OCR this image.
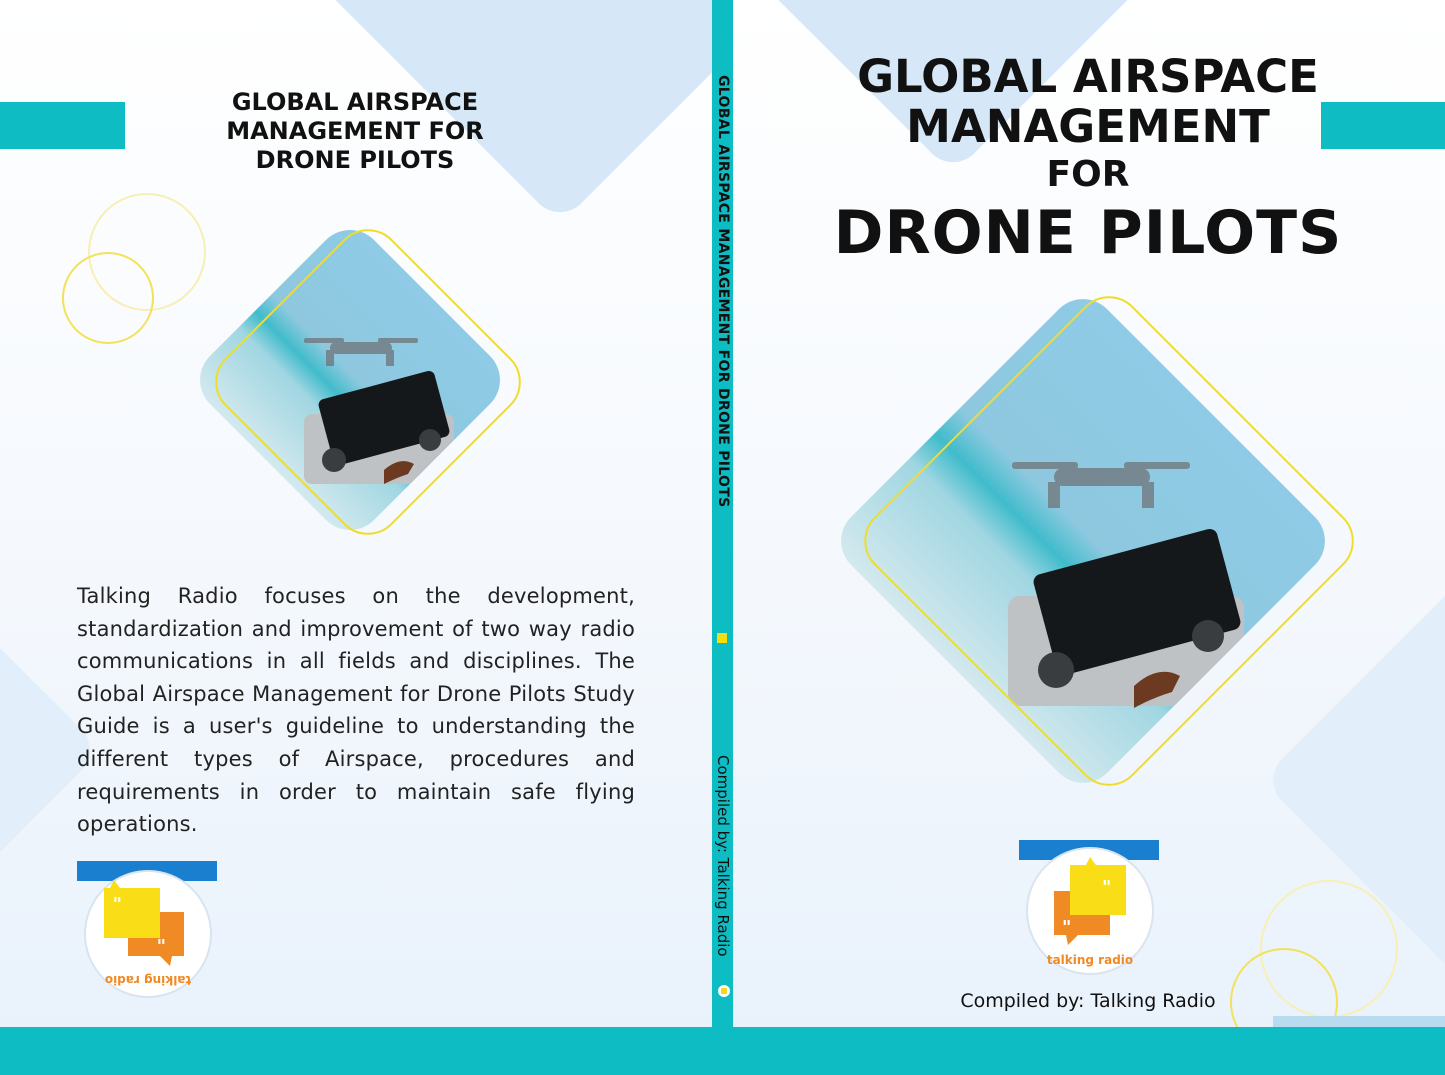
GLOBAL AIRSPACE MANAGEMENT FOR DRONE PILOTS

Talking Radio focuses on the development, standardization and improvement of two way radio communications in all fields and disciplines. The Global Airspace Management for Drone Pilots Study Guide is a user's guideline to understanding the different types of Airspace, procedures and requirements in order to maintain safe flying operations.

"
"
talking radio
GLOBAL AIRSPACE MANAGEMENT FOR DRONE PILOTS
Compiled by: Talking Radio
GLOBAL AIRSPACE
MANAGEMENT
FOR
DRONE PILOTS
"
"
talking radio

Compiled by: Talking Radio
